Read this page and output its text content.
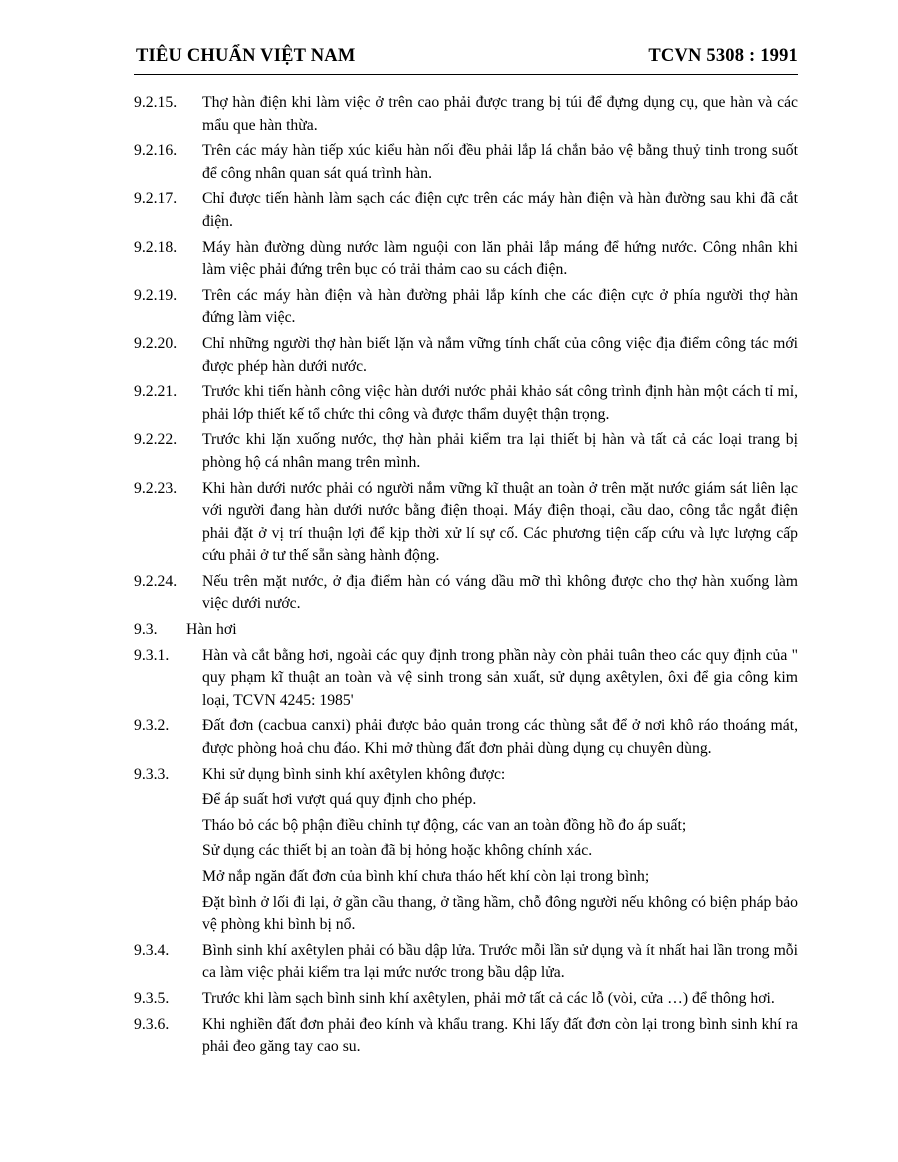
TIÊU CHUẨN VIỆT NAM	TCVN 5308 : 1991
9.2.15.	Thợ hàn điện khi làm việc ở trên cao phải được trang bị túi để đựng dụng cụ, que hàn và các mẩu que hàn thừa.
9.2.16.	Trên các máy hàn tiếp xúc kiểu hàn nối đều phải lắp lá chắn bảo vệ bằng thuỷ tinh trong suốt để công nhân quan sát quá trình hàn.
9.2.17.	Chỉ được tiến hành làm sạch các điện cực trên các máy hàn điện và hàn đường sau khi đã cắt điện.
9.2.18.	Máy hàn đường dùng nước làm nguội con lăn phải lắp máng để hứng nước. Công nhân khi làm việc phải đứng trên bục có trải thảm cao su cách điện.
9.2.19.	Trên các máy hàn điện và hàn đường phải lắp kính che các điện cực ở phía người thợ hàn đứng làm việc.
9.2.20.	Chỉ những người thợ hàn biết lặn và nắm vững tính chất của công việc địa điểm công tác mới được phép hàn dưới nước.
9.2.21.	Trước khi tiến hành công việc hàn dưới nước phải khảo sát công trình định hàn một cách tỉ mỉ, phải lớp thiết kế tổ chức thi công và được thẩm duyệt thận trọng.
9.2.22.	Trước khi lặn xuống nước, thợ hàn phải kiểm tra lại thiết bị hàn và tất cả các loại trang bị phòng hộ cá nhân mang trên mình.
9.2.23.	Khi hàn dưới nước phải có người nắm vững kĩ thuật an toàn ở trên mặt nước giám sát liên lạc với người đang hàn dưới nước bằng điện thoại. Máy điện thoại, cầu dao, công tắc ngắt điện phải đặt ở vị trí thuận lợi để kịp thời xử lí sự cố. Các phương tiện cấp cứu và lực lượng cấp cứu phải ở tư thế sẵn sàng hành động.
9.2.24.	Nếu trên mặt nước, ở địa điểm hàn có váng dầu mỡ thì không được cho thợ hàn xuống làm việc dưới nước.
9.3.	Hàn hơi
9.3.1.	Hàn và cắt bằng hơi, ngoài các quy định trong phần này còn phải tuân theo các quy định của " quy phạm kĩ thuật an toàn và vệ sinh trong sản xuất, sử dụng axêtylen, ôxi để gia công kim loại, TCVN 4245: 1985'
9.3.2.	Đất đơn (cacbua canxi) phải được bảo quản trong các thùng sắt để ở nơi khô ráo thoáng mát, được phòng hoả chu đáo. Khi mở thùng đất đơn phải dùng dụng cụ chuyên dùng.
9.3.3.	Khi sử dụng bình sinh khí axêtylen không được:
Để áp suất hơi vượt quá quy định cho phép.
Tháo bỏ các bộ phận điều chỉnh tự động, các van an toàn đồng hồ đo áp suất;
Sử dụng các thiết bị an toàn đã bị hỏng hoặc không chính xác.
Mở nắp ngăn đất đơn của bình khí chưa tháo hết khí còn lại trong bình;
Đặt bình ở lối đi lại, ở gần cầu thang, ở tầng hầm, chỗ đông người nếu không có biện pháp bảo vệ phòng khi bình bị nổ.
9.3.4.	Bình sinh khí axêtylen phải có bầu dập lửa. Trước mỗi lần sử dụng và ít nhất hai lần trong mỗi ca làm việc phải kiểm tra lại mức nước trong bầu dập lửa.
9.3.5.	Trước khi làm sạch bình sinh khí axêtylen, phải mở tất cả các lỗ (vòi, cửa …) để thông hơi.
9.3.6.	Khi nghiền đất đơn phải đeo kính và khẩu trang. Khi lấy đất đơn còn lại trong bình sinh khí ra phải đeo găng tay cao su.
